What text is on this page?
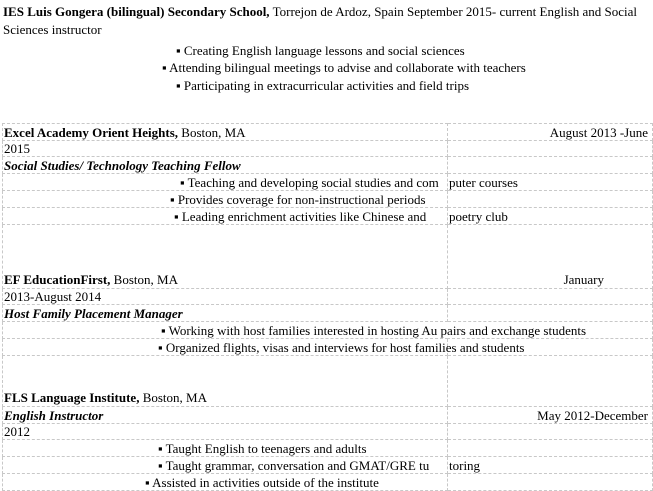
IES Luis Gongera (bilingual) Secondary School, Torrejon de Ardoz, Spain September 2015- current English and Social
Sciences instructor
▪ Creating English language lessons and social sciences
▪ Attending bilingual meetings to advise and collaborate with teachers
▪ Participating in extracurricular activities and field trips
Excel Academy Orient Heights, Boston, MA	August 2013 -June
2015	
Social Studies/ Technology Teaching Fellow	
▪ Teaching and developing social studies and com	puter courses
▪ Provides coverage for non-instructional periods	
▪ Leading enrichment activities like Chinese and	poetry club
EF EducationFirst, Boston, MA	January
2013-August 2014	
Host Family Placement Manager	
▪ Working with host families interested in hosting Au pairs and exchange students	
▪ Organized flights, visas and interviews for host families and students	
FLS Language Institute, Boston, MA	
English Instructor	May 2012-December
2012	
▪ Taught English to teenagers and adults	
▪ Taught grammar, conversation and GMAT/GRE tu	toring
▪ Assisted in activities outside of the institute	
